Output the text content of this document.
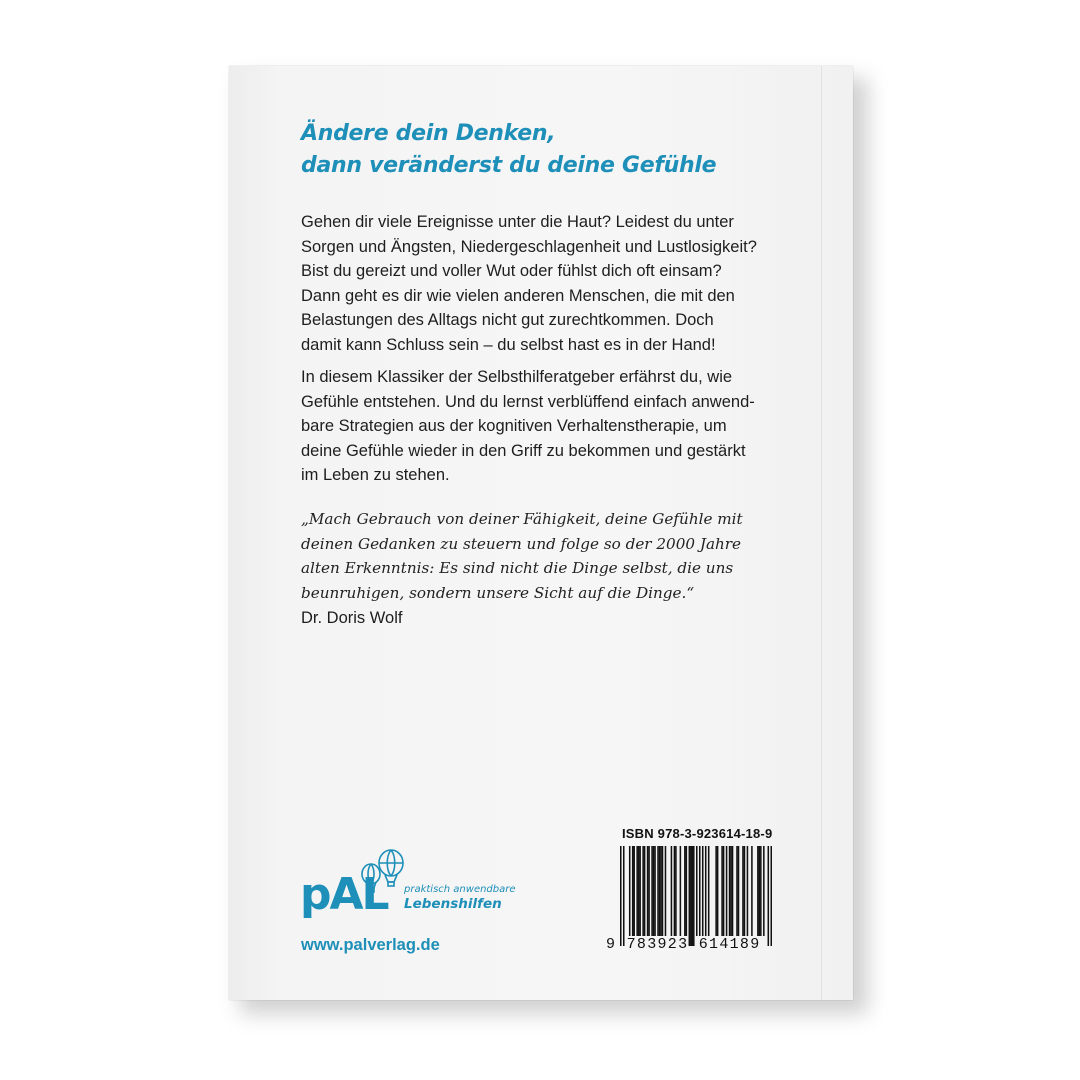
Ändere dein Denken,
dann veränderst du deine Gefühle

Gehen dir viele Ereignisse unter die Haut? Leidest du unter
Sorgen und Ängsten, Niedergeschlagenheit und Lustlosigkeit?
Bist du gereizt und voller Wut oder fühlst dich oft einsam?
Dann geht es dir wie vielen anderen Menschen, die mit den
Belastungen des Alltags nicht gut zurechtkommen. Doch
damit kann Schluss sein – du selbst hast es in der Hand!

In diesem Klassiker der Selbsthilferatgeber erfährst du, wie
Gefühle entstehen. Und du lernst verblüffend einfach anwend-
bare Strategien aus der kognitiven Verhaltenstherapie, um
deine Gefühle wieder in den Griff zu bekommen und gestärkt
im Leben zu stehen.

„Mach Gebrauch von deiner Fähigkeit, deine Gefühle mit
deinen Gedanken zu steuern und folge so der 2000 Jahre
alten Erkenntnis: Es sind nicht die Dinge selbst, die uns
beunruhigen, sondern unsere Sicht auf die Dinge.“

Dr. Doris Wolf

pAL praktisch anwendbare
Lebenshilfen
www.palverlag.de
ISBN 978-3-923614-18-9
9 783923 614189
